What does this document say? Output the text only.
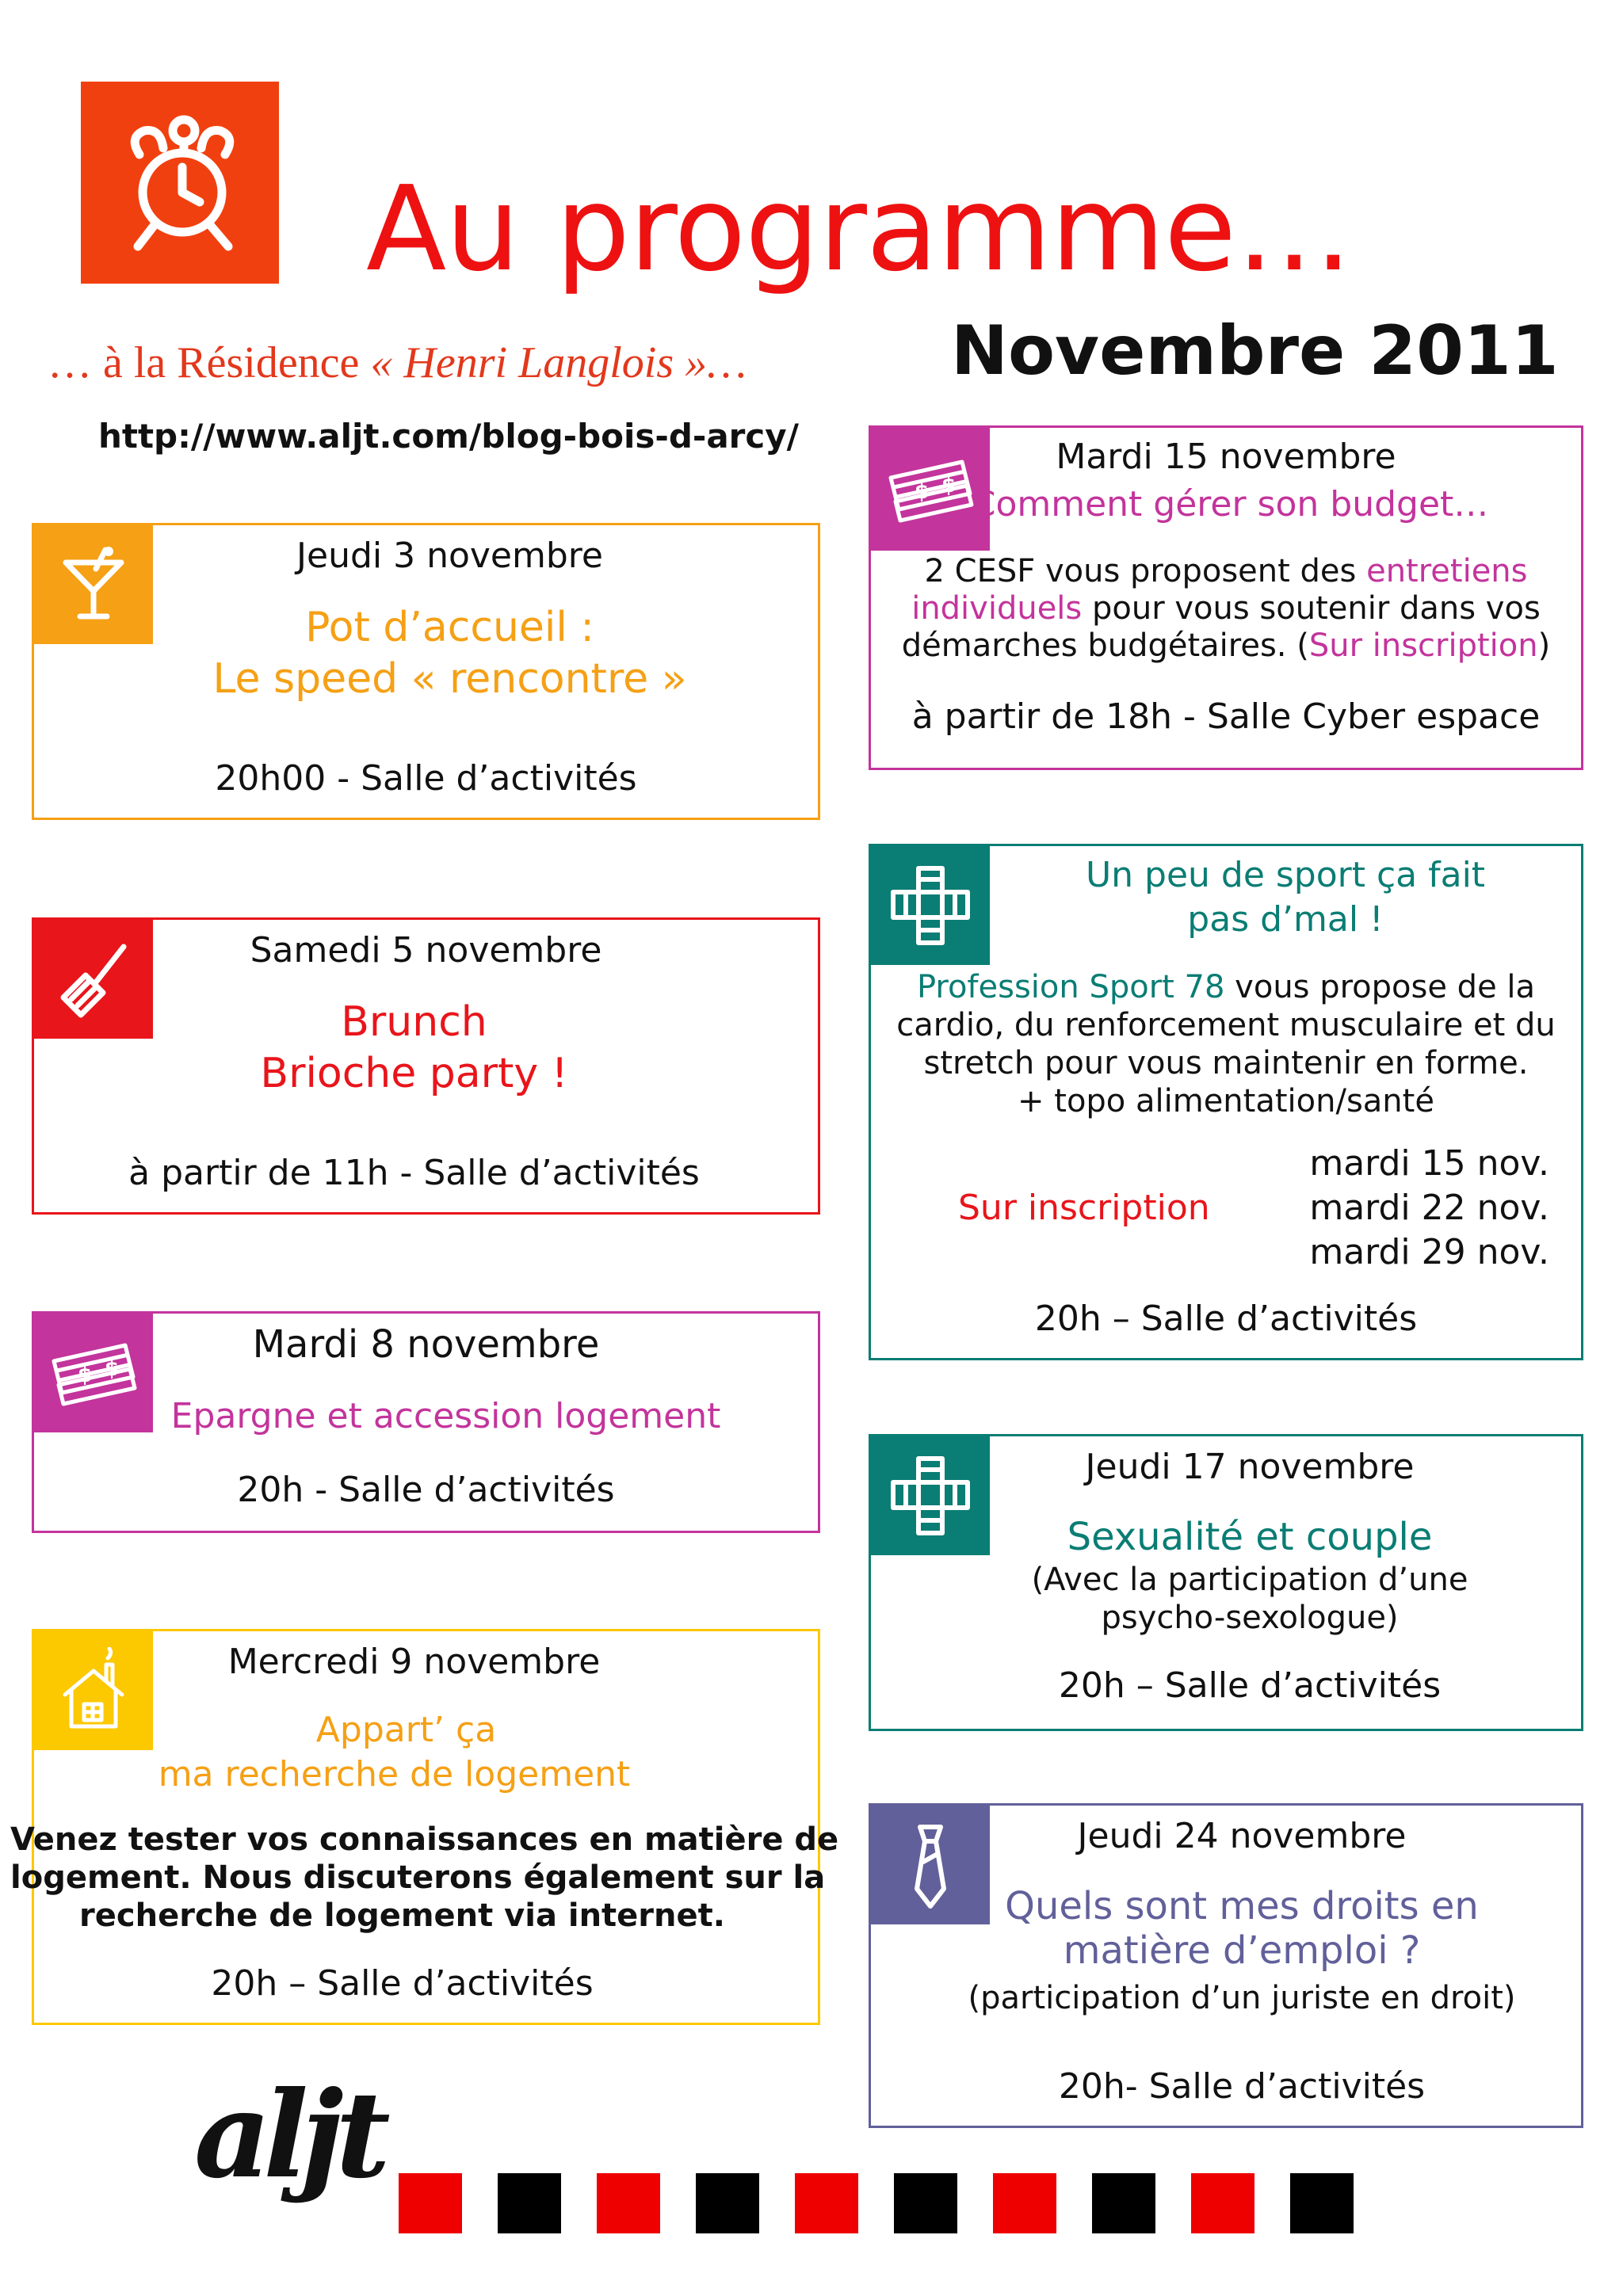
Au programme…
Novembre 2011
… à la Résidence « Henri Langlois »…
http://www.aljt.com/blog-bois-d-arcy/
Jeudi 3 novembre
Pot d’accueil :
Le speed « rencontre »
20h00 - Salle d’activités
Samedi 5 novembre
Brunch
Brioche party !
à partir de 11h - Salle d’activités
$ $
Mardi 8 novembre
Epargne et accession logement
20h - Salle d’activités
Mercredi 9 novembre
Appart’ ça
ma recherche de logement
Venez tester vos connaissances en matière de
logement. Nous discuterons également sur la
recherche de logement via internet.
20h – Salle d’activités
$ $
Mardi 15 novembre
Comment gérer son budget…
2 CESF vous proposent des entretiens
individuels pour vous soutenir dans vos
démarches budgétaires. (Sur inscription)
à partir de 18h - Salle Cyber espace
Un peu de sport ça fait
pas d’mal !
Profession Sport 78 vous propose de la
cardio, du renforcement musculaire et du
stretch pour vous maintenir en forme.
+ topo alimentation/santé
Sur inscription
mardi 15 nov.
mardi 22 nov.
mardi 29 nov.
20h – Salle d’activités
Jeudi 17 novembre
Sexualité et couple
(Avec la participation d’une
psycho-sexologue)
20h – Salle d’activités
Jeudi 24 novembre
Quels sont mes droits en
matière d’emploi ?
(participation d’un juriste en droit)
20h- Salle d’activités
aljt
